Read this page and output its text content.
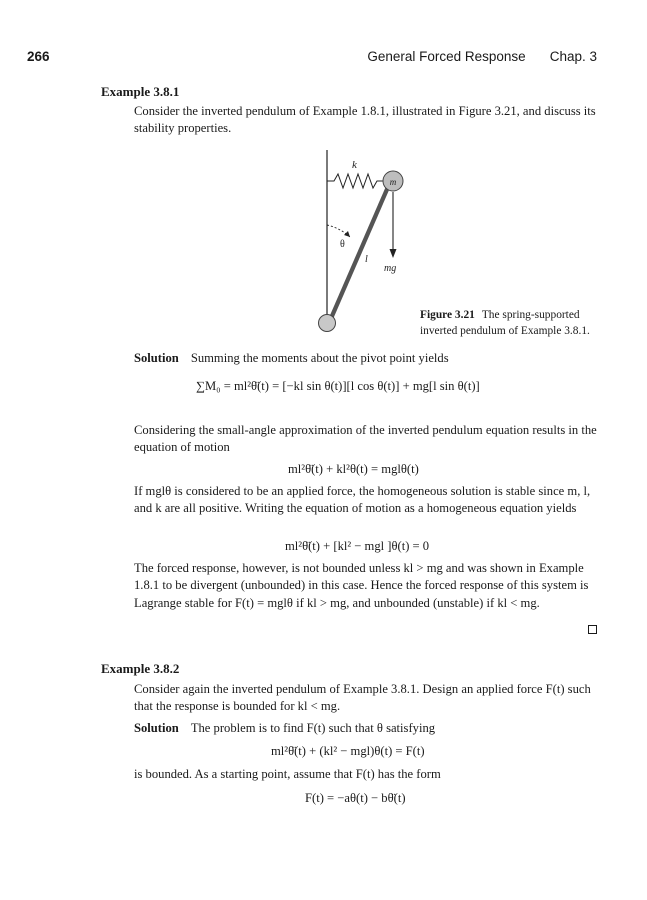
266	General Forced Response Chap. 3
Example 3.8.1
Consider the inverted pendulum of Example 1.8.1, illustrated in Figure 3.21, and discuss its stability properties.
k
m
θ
l
mg
Figure 3.21 The spring-supported inverted pendulum of Example 3.8.1.
Solution Summing the moments about the pivot point yields
∑M₀ = ml²θ̈(t) = [−kl sin θ(t)][l cos θ(t)] + mg[l sin θ(t)]
Considering the small-angle approximation of the inverted pendulum equation results in the equation of motion
ml²θ̈(t) + kl²θ(t) = mglθ(t)
If mglθ is considered to be an applied force, the homogeneous solution is stable since m, l, and k are all positive. Writing the equation of motion as a homogeneous equation yields
ml²θ̈(t) + [kl² − mgl ]θ(t) = 0
The forced response, however, is not bounded unless kl > mg and was shown in Example 1.8.1 to be divergent (unbounded) in this case. Hence the forced response of this system is Lagrange stable for F(t) = mglθ if kl > mg, and unbounded (unstable) if kl < mg.
Example 3.8.2
Consider again the inverted pendulum of Example 3.8.1. Design an applied force F(t) such that the response is bounded for kl < mg.
Solution The problem is to find F(t) such that θ satisfying
ml²θ̈(t) + (kl² − mgl)θ(t) = F(t)
is bounded. As a starting point, assume that F(t) has the form
F(t) = −aθ(t) − bθ̈(t)
